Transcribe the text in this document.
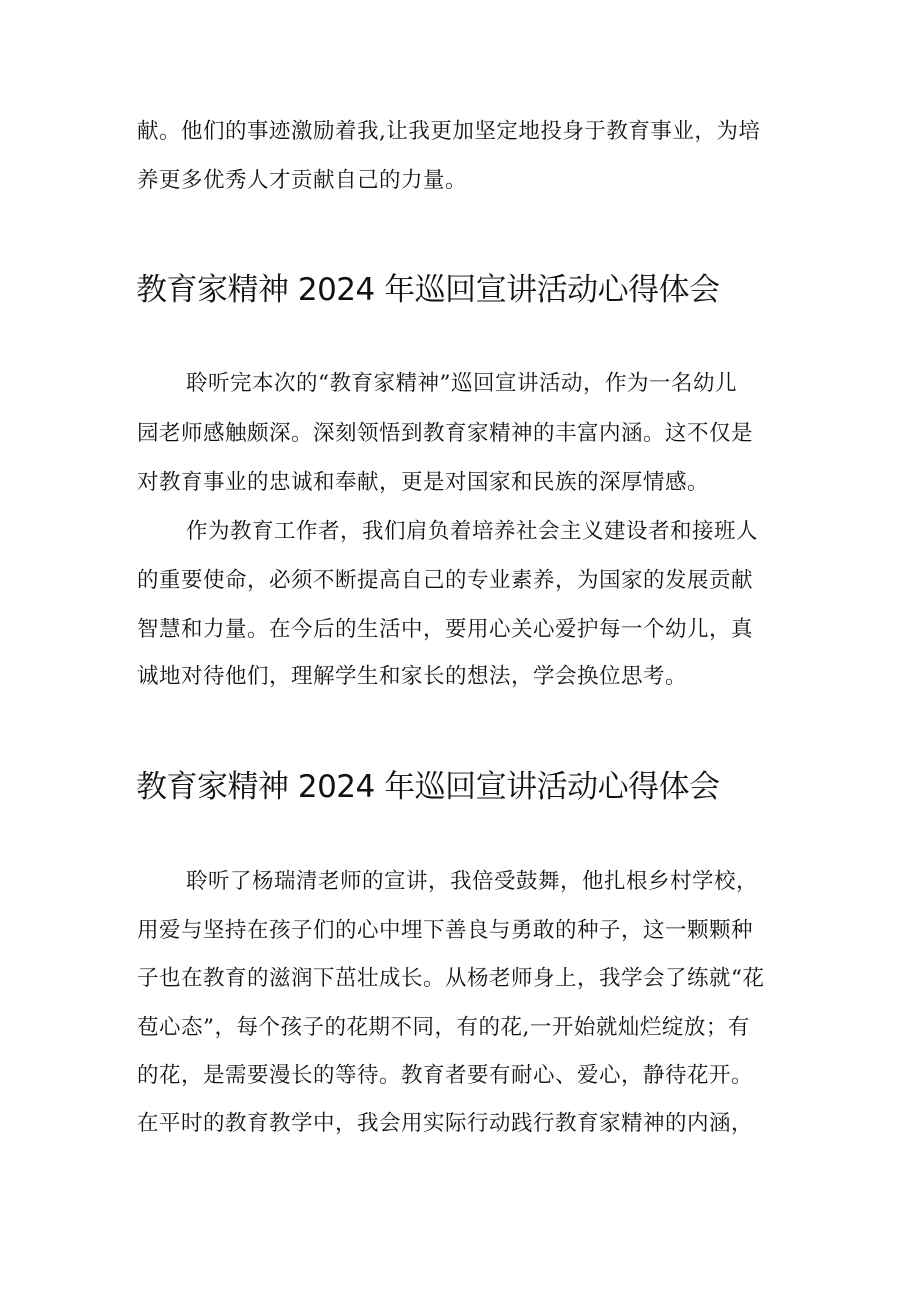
献。他们的事迹激励着我,让我更加坚定地投身于教育事业，为培
养更多优秀人才贡献自己的力量。
教育家精神 2024 年巡回宣讲活动心得体会
聆听完本次的“教育家精神”巡回宣讲活动，作为一名幼儿
园老师感触颇深。深刻领悟到教育家精神的丰富内涵。这不仅是
对教育事业的忠诚和奉献，更是对国家和民族的深厚情感。
作为教育工作者，我们肩负着培养社会主义建设者和接班人
的重要使命，必须不断提高自己的专业素养，为国家的发展贡献
智慧和力量。在今后的生活中，要用心关心爱护每一个幼儿，真
诚地对待他们，理解学生和家长的想法，学会换位思考。
教育家精神 2024 年巡回宣讲活动心得体会
聆听了杨瑞清老师的宣讲，我倍受鼓舞，他扎根乡村学校，
用爱与坚持在孩子们的心中埋下善良与勇敢的种子，这一颗颗种
子也在教育的滋润下茁壮成长。从杨老师身上，我学会了练就“花
苞心态”，每个孩子的花期不同，有的花,一开始就灿烂绽放；有
的花，是需要漫长的等待。教育者要有耐心、爱心，静待花开。
在平时的教育教学中，我会用实际行动践行教育家精神的内涵，
